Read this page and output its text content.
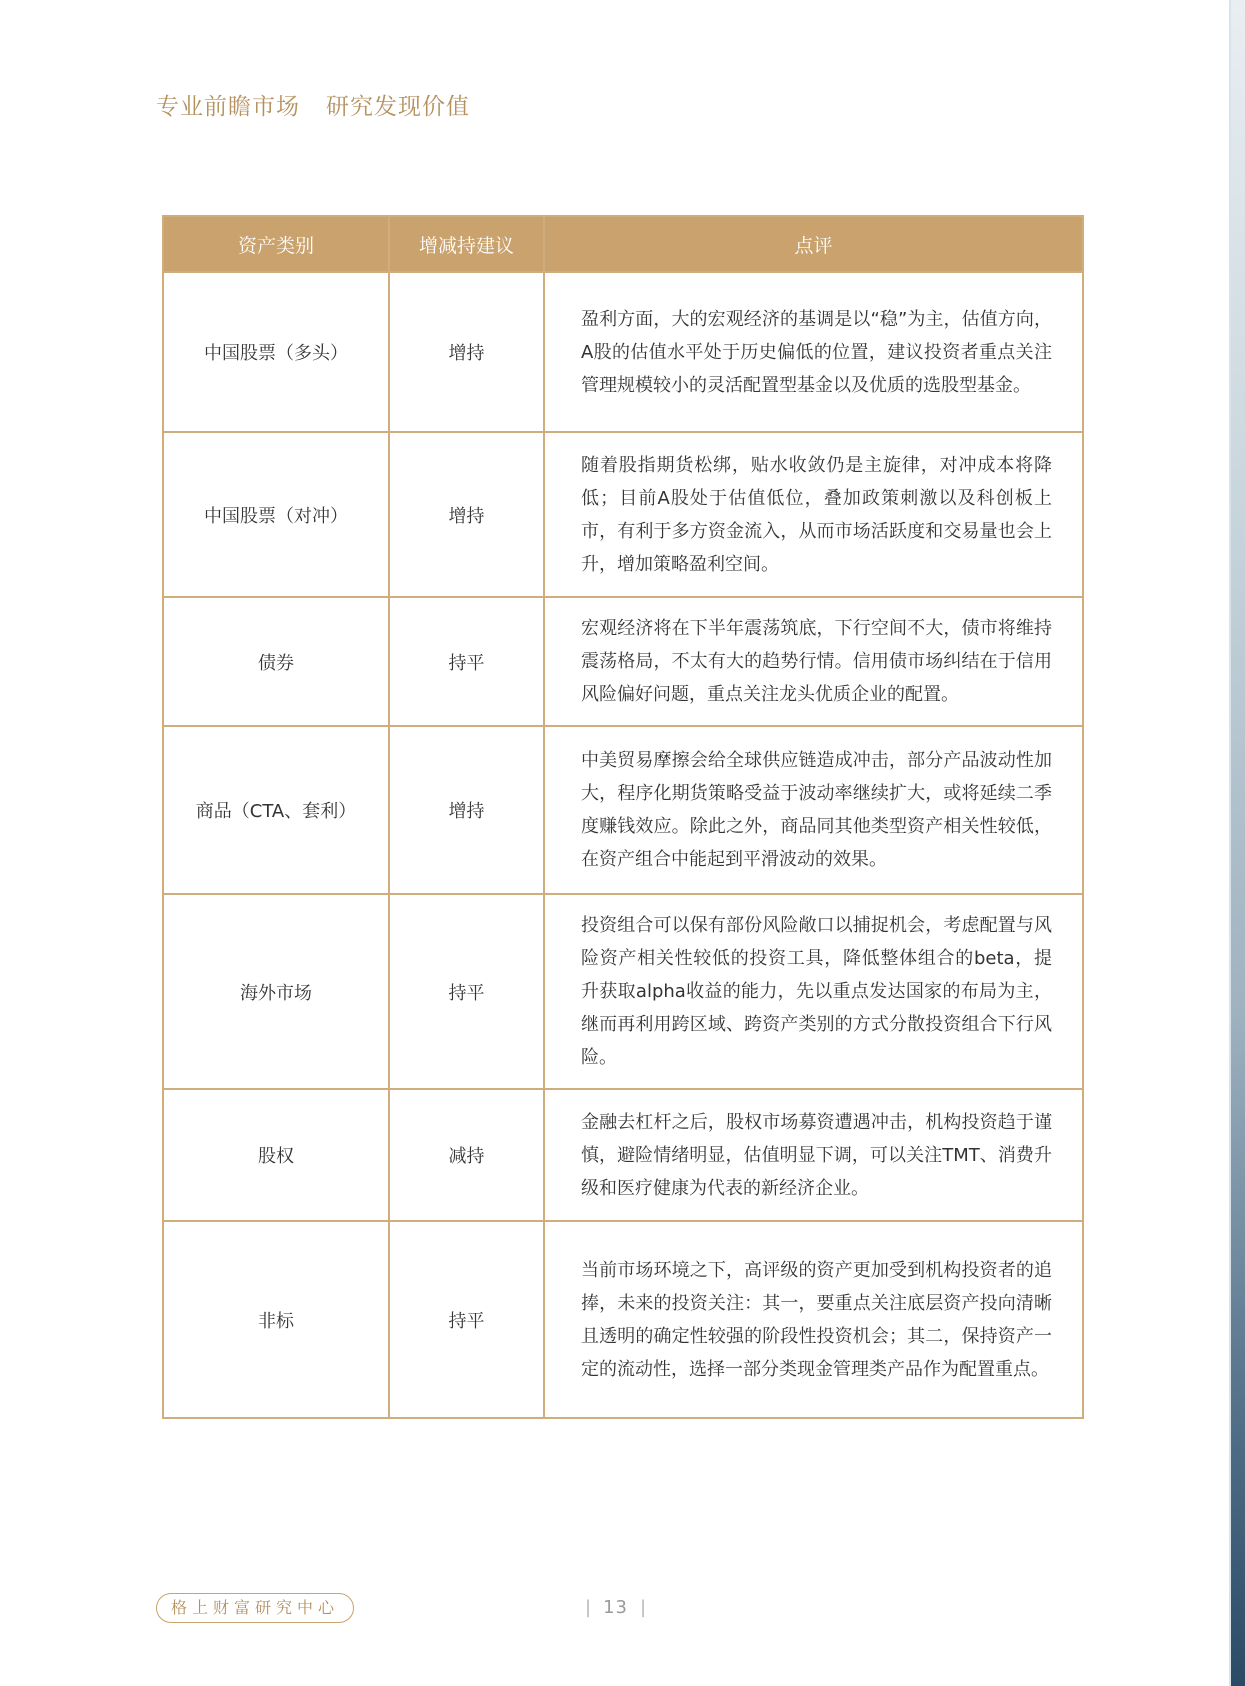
专业前瞻市场 研究发现价值
资产类别	增减持建议	点评
中国股票（多头）	增持	盈利方面，大的宏观经济的基调是以“稳”为主，估值方向，A股的估值水平处于历史偏低的位置，建议投资者重点关注管理规模较小的灵活配置型基金以及优质的选股型基金。
中国股票（对冲）	增持	随着股指期货松绑，贴水收敛仍是主旋律，对冲成本将降低；目前A股处于估值低位，叠加政策刺激以及科创板上市，有利于多方资金流入，从而市场活跃度和交易量也会上升，增加策略盈利空间。
债券	持平	宏观经济将在下半年震荡筑底，下行空间不大，债市将维持震荡格局，不太有大的趋势行情。信用债市场纠结在于信用风险偏好问题，重点关注龙头优质企业的配置。
商品（CTA、套利）	增持	中美贸易摩擦会给全球供应链造成冲击，部分产品波动性加大，程序化期货策略受益于波动率继续扩大，或将延续二季度赚钱效应。除此之外，商品同其他类型资产相关性较低，在资产组合中能起到平滑波动的效果。
海外市场	持平	投资组合可以保有部份风险敞口以捕捉机会，考虑配置与风险资产相关性较低的投资工具，降低整体组合的beta，提升获取alpha收益的能力，先以重点发达国家的布局为主，继而再利用跨区域、跨资产类别的方式分散投资组合下行风险。
股权	减持	金融去杠杆之后，股权市场募资遭遇冲击，机构投资趋于谨慎，避险情绪明显，估值明显下调，可以关注TMT、消费升级和医疗健康为代表的新经济企业。
非标	持平	当前市场环境之下，高评级的资产更加受到机构投资者的追捧，未来的投资关注：其一，要重点关注底层资产投向清晰且透明的确定性较强的阶段性投资机会；其二，保持资产一定的流动性，选择一部分类现金管理类产品作为配置重点。
格上财富研究中心	| 13 |
